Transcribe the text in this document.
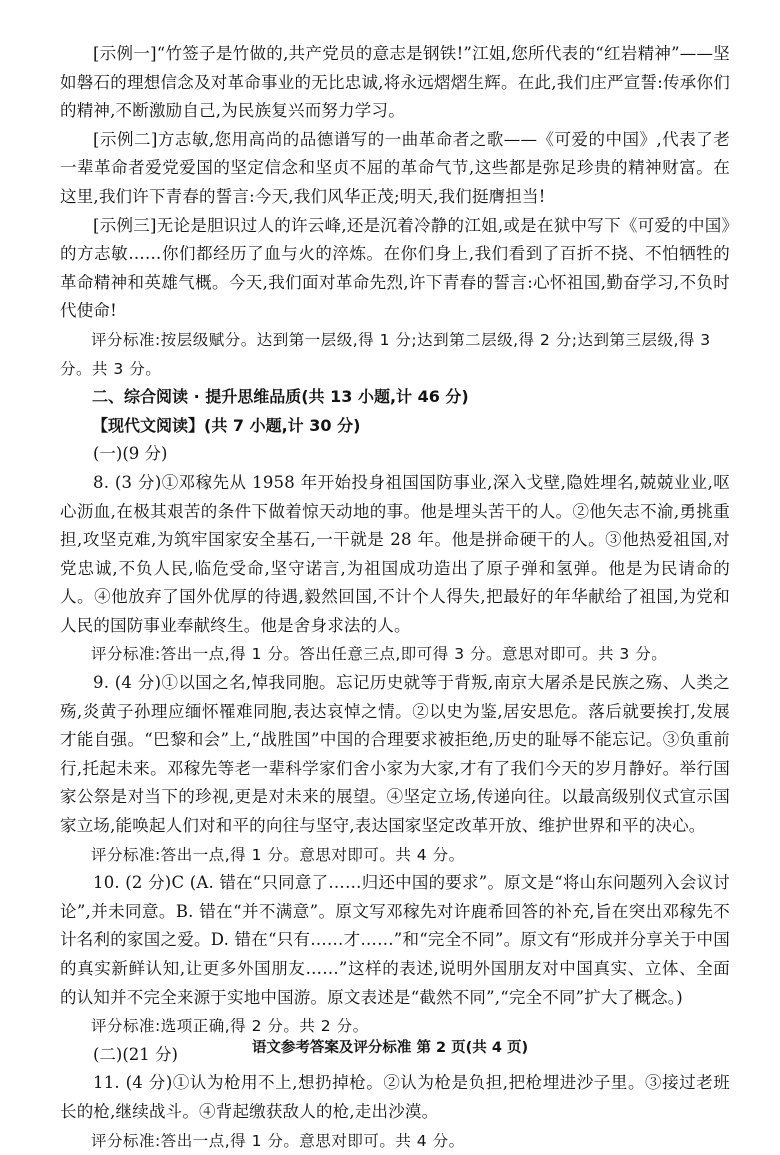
[示例一]“竹签子是竹做的,共产党员的意志是钢铁!”江姐,您所代表的“红岩精神”——坚如磐石的理想信念及对革命事业的无比忠诚,将永远熠熠生辉。在此,我们庄严宣誓:传承你们的精神,不断激励自己,为民族复兴而努力学习。

[示例二]方志敏,您用高尚的品德谱写的一曲革命者之歌——《可爱的中国》,代表了老一辈革命者爱党爱国的坚定信念和坚贞不屈的革命气节,这些都是弥足珍贵的精神财富。在这里,我们许下青春的誓言:今天,我们风华正茂;明天,我们挺膺担当!

[示例三]无论是胆识过人的许云峰,还是沉着冷静的江姐,或是在狱中写下《可爱的中国》的方志敏……你们都经历了血与火的淬炼。在你们身上,我们看到了百折不挠、不怕牺牲的革命精神和英雄气概。今天,我们面对革命先烈,许下青春的誓言:心怀祖国,勤奋学习,不负时代使命!

评分标准:按层级赋分。达到第一层级,得 1 分;达到第二层级,得 2 分;达到第三层级,得 3 分。共 3 分。

二、综合阅读 · 提升思维品质(共 13 小题,计 46 分)

【现代文阅读】(共 7 小题,计 30 分)

(一)(9 分)

8. (3 分)①邓稼先从 1958 年开始投身祖国国防事业,深入戈壁,隐姓埋名,兢兢业业,呕心沥血,在极其艰苦的条件下做着惊天动地的事。他是埋头苦干的人。②他矢志不渝,勇挑重担,攻坚克难,为筑牢国家安全基石,一干就是 28 年。他是拼命硬干的人。③他热爱祖国,对党忠诚,不负人民,临危受命,坚守诺言,为祖国成功造出了原子弹和氢弹。他是为民请命的人。④他放弃了国外优厚的待遇,毅然回国,不计个人得失,把最好的年华献给了祖国,为党和人民的国防事业奉献终生。他是舍身求法的人。

评分标准:答出一点,得 1 分。答出任意三点,即可得 3 分。意思对即可。共 3 分。

9. (4 分)①以国之名,悼我同胞。忘记历史就等于背叛,南京大屠杀是民族之殇、人类之殇,炎黄子孙理应缅怀罹难同胞,表达哀悼之情。②以史为鉴,居安思危。落后就要挨打,发展才能自强。“巴黎和会”上,“战胜国”中国的合理要求被拒绝,历史的耻辱不能忘记。③负重前行,托起未来。邓稼先等老一辈科学家们舍小家为大家,才有了我们今天的岁月静好。举行国家公祭是对当下的珍视,更是对未来的展望。④坚定立场,传递向往。以最高级别仪式宣示国家立场,能唤起人们对和平的向往与坚守,表达国家坚定改革开放、维护世界和平的决心。

评分标准:答出一点,得 1 分。意思对即可。共 4 分。

10. (2 分)C (A. 错在“只同意了……归还中国的要求”。原文是“将山东问题列入会议讨论”,并未同意。B. 错在“并不满意”。原文写邓稼先对许鹿希回答的补充,旨在突出邓稼先不计名利的家国之爱。D. 错在“只有……才……”和“完全不同”。原文有“形成并分享关于中国的真实新鲜认知,让更多外国朋友……”这样的表述,说明外国朋友对中国真实、立体、全面的认知并不完全来源于实地中国游。原文表述是“截然不同”,“完全不同”扩大了概念。)

评分标准:选项正确,得 2 分。共 2 分。

(二)(21 分)

11. (4 分)①认为枪用不上,想扔掉枪。②认为枪是负担,把枪埋进沙子里。③接过老班长的枪,继续战斗。④背起缴获敌人的枪,走出沙漠。

评分标准:答出一点,得 1 分。意思对即可。共 4 分。

语文参考答案及评分标准 第 2 页(共 4 页)
